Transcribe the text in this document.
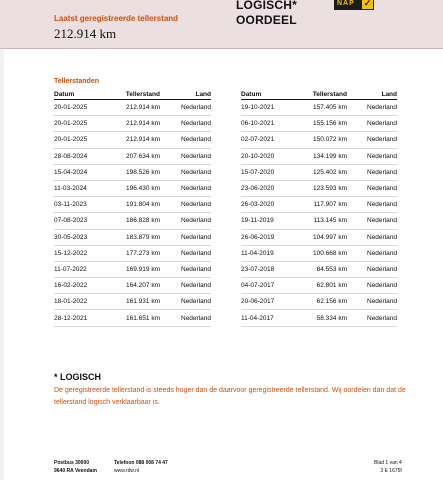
Laatst geregistreerde tellerstand
212.914 km
LOGISCH*
OORDEEL
NAP ✓
Tellerstanden
Datum	Tellerstand	Land
20-01-2025	212.914 km	Nederland
20-01-2025	212.914 km	Nederland
20-01-2025	212.914 km	Nederland
28-08-2024	207.634 km	Nederland
15-04-2024	198.526 km	Nederland
11-03-2024	196.430 km	Nederland
03-11-2023	191.804 km	Nederland
07-08-2023	186.828 km	Nederland
30-05-2023	183.879 km	Nederland
15-12-2022	177.273 km	Nederland
11-07-2022	169.919 km	Nederland
16-02-2022	164.207 km	Nederland
18-01-2022	161.931 km	Nederland
28-12-2021	161.651 km	Nederland
Datum	Tellerstand	Land
19-10-2021	157.405 km	Nederland
06-10-2021	155.156 km	Nederland
02-07-2021	150.072 km	Nederland
20-10-2020	134.199 km	Nederland
15-07-2020	125.402 km	Nederland
23-06-2020	123.593 km	Nederland
26-03-2020	117.907 km	Nederland
19-11-2019	113.145 km	Nederland
26-06-2019	104.997 km	Nederland
11-04-2019	100.668 km	Nederland
23-07-2018	84.553 km	Nederland
04-07-2017	62.801 km	Nederland
20-06-2017	62.156 km	Nederland
11-04-2017	58.334 km	Nederland
* LOGISCH
De geregistreerde tellerstand is steeds hoger dan de daarvoor geregistreerde tellerstand. Wij oordelen dan dat de tellerstand logisch verklaarbaar is.
Postbus 30000
9640 RA Veendam
Telefoon 088 008 74 47
www.rdw.nl
Blad 1 van 4
3 E 1675f
